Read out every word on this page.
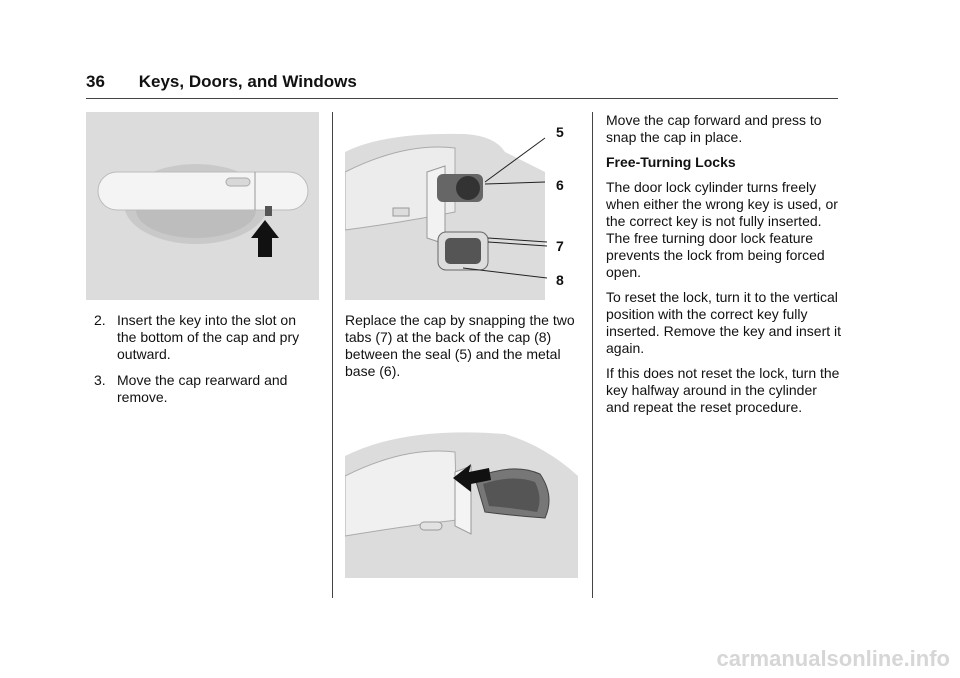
36 Keys, Doors, and Windows
2. Insert the key into the slot on the bottom of the cap and pry outward.
3. Move the cap rearward and remove.
5
6
7
8

Replace the cap by snapping the two tabs (7) at the back of the cap (8) between the seal (5) and the metal base (6).

Move the cap forward and press to snap the cap in place.

Free-Turning Locks

The door lock cylinder turns freely when either the wrong key is used, or the correct key is not fully inserted. The free turning door lock feature prevents the lock from being forced open.

To reset the lock, turn it to the vertical position with the correct key fully inserted. Remove the key and insert it again.

If this does not reset the lock, turn the key halfway around in the cylinder and repeat the reset procedure.

carmanualsonline.info
